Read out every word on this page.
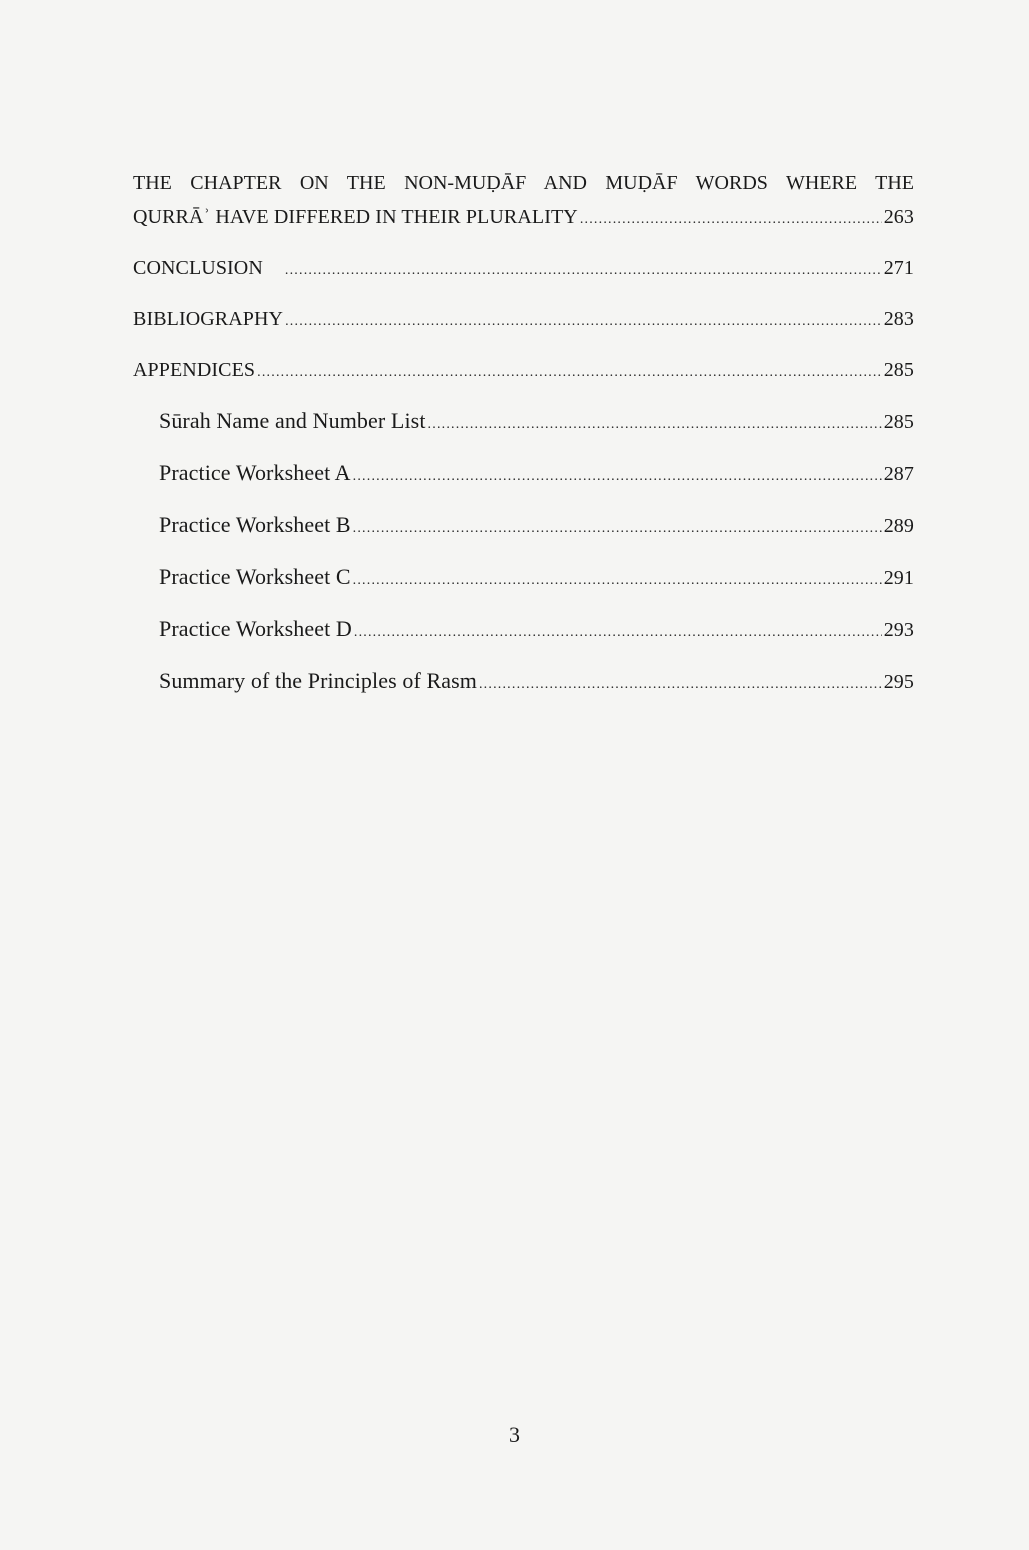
THE CHAPTER ON THE NON-MUḌĀF AND MUḌĀF WORDS WHERE THE
QURRĀʾ HAVE DIFFERED IN THEIR PLURALITY .....	263
CONCLUSION .....	271
BIBLIOGRAPHY .....	283
APPENDICES .....	285
Sūrah Name and Number List .....	285
Practice Worksheet A .....	287
Practice Worksheet B .....	289
Practice Worksheet C .....	291
Practice Worksheet D .....	293
Summary of the Principles of Rasm .....	295
3
